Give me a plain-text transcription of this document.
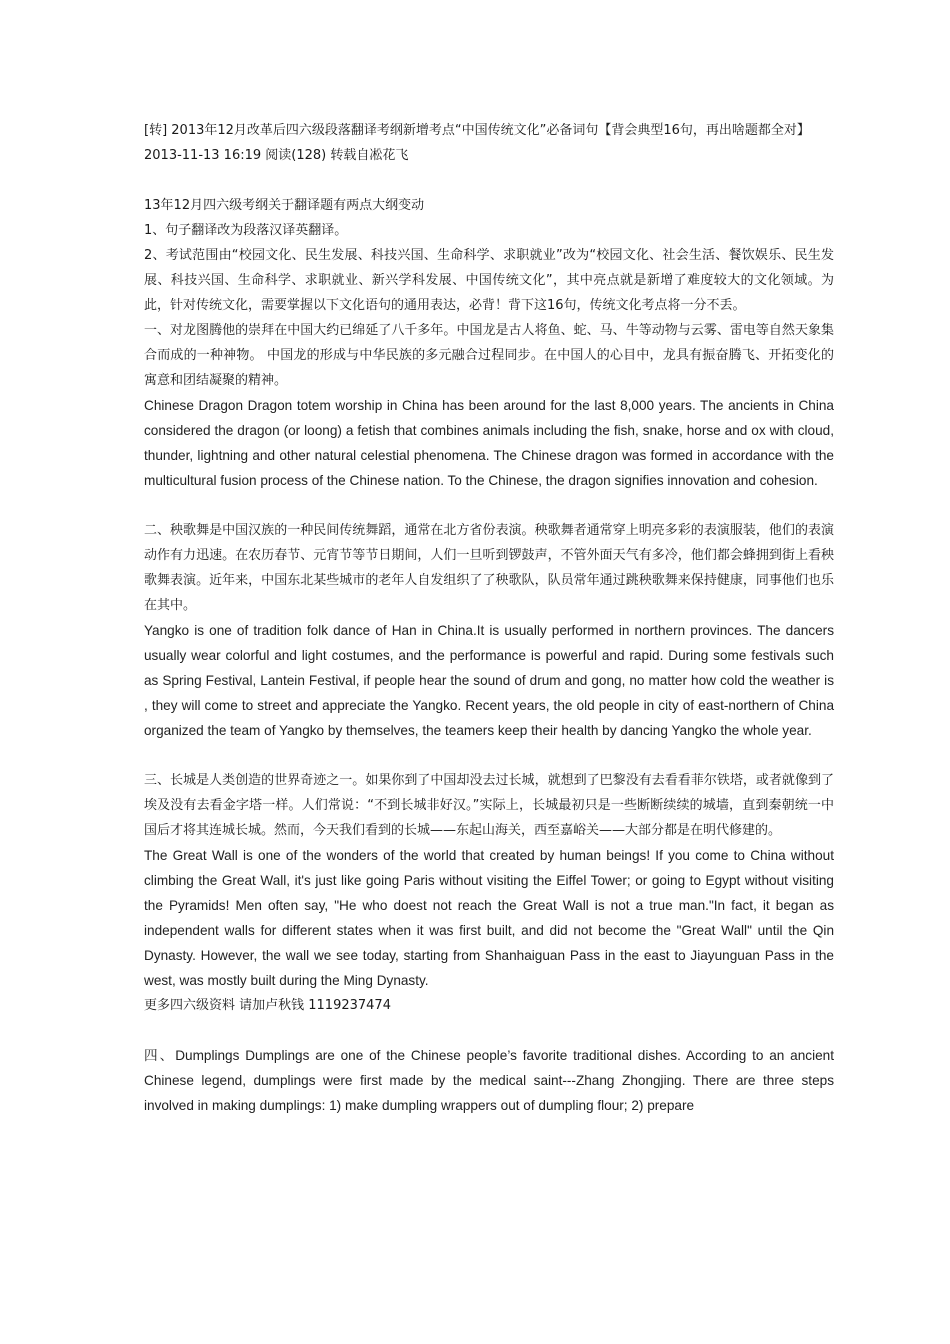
[转] 2013年12月改革后四六级段落翻译考纲新增考点“中国传统文化”必备词句【背会典型16句，再出啥题都全对】

2013-11-13 16:19 阅读(128) 转载自凇花飞

13年12月四六级考纲关于翻译题有两点大纲变动

1、句子翻译改为段落汉译英翻译。

2、考试范围由“校园文化、民生发展、科技兴国、生命科学、求职就业”改为“校园文化、社会生活、餐饮娱乐、民生发展、科技兴国、生命科学、求职就业、新兴学科发展、中国传统文化”，其中亮点就是新增了难度较大的文化领域。为此，针对传统文化，需要掌握以下文化语句的通用表达，必背！背下这16句，传统文化考点将一分不丢。

一、对龙图腾他的崇拜在中国大约已绵延了八千多年。中国龙是古人将鱼、蛇、马、牛等动物与云雾、雷电等自然天象集合而成的一种神物。 中国龙的形成与中华民族的多元融合过程同步。在中国人的心目中，龙具有振奋腾飞、开拓变化的寓意和团结凝聚的精神。

Chinese Dragon Dragon totem worship in China has been around for the last 8,000 years. The ancients in China considered the dragon (or loong) a fetish that combines animals including the fish, snake, horse and ox with cloud, thunder, lightning and other natural celestial phenomena. The Chinese dragon was formed in accordance with the multicultural fusion process of the Chinese nation. To the Chinese, the dragon signifies innovation and cohesion.

二、秧歌舞是中国汉族的一种民间传统舞蹈，通常在北方省份表演。秧歌舞者通常穿上明亮多彩的表演服装，他们的表演动作有力迅速。在农历春节、元宵节等节日期间，人们一旦听到锣鼓声，不管外面天气有多冷，他们都会蜂拥到街上看秧歌舞表演。近年来，中国东北某些城市的老年人自发组织了了秧歌队，队员常年通过跳秧歌舞来保持健康，同事他们也乐在其中。

Yangko is one of tradition folk dance of Han in China.It is usually performed in northern provinces. The dancers usually wear colorful and light costumes, and the performance is powerful and rapid. During some festivals such as Spring Festival, Lantein Festival, if people hear the sound of drum and gong, no matter how cold the weather is , they will come to street and appreciate the Yangko. Recent years, the old people in city of east-northern of China organized the team of Yangko by themselves, the teamers keep their health by dancing Yangko the whole year.

三、长城是人类创造的世界奇迹之一。如果你到了中国却没去过长城，就想到了巴黎没有去看看菲尔铁塔，或者就像到了埃及没有去看金字塔一样。人们常说：“不到长城非好汉。”实际上，长城最初只是一些断断续续的城墙，直到秦朝统一中国后才将其连城长城。然而，今天我们看到的长城——东起山海关，西至嘉峪关——大部分都是在明代修建的。

The Great Wall is one of the wonders of the world that created by human beings! If you come to China without climbing the Great Wall, it's just like going Paris without visiting the Eiffel Tower; or going to Egypt without visiting the Pyramids! Men often say, "He who doest not reach the Great Wall is not a true man."In fact, it began as independent walls for different states when it was first built, and did not become the "Great Wall" until the Qin Dynasty. However, the wall we see today, starting from Shanhaiguan Pass in the east to Jiayunguan Pass in the west, was mostly built during the Ming Dynasty.

更多四六级资料 请加卢秋钱 1119237474

四、Dumplings Dumplings are one of the Chinese people’s favorite traditional dishes. According to an ancient Chinese legend, dumplings were first made by the medical saint---Zhang Zhongjing. There are three steps involved in making dumplings: 1) make dumpling wrappers out of dumpling flour; 2) prepare
